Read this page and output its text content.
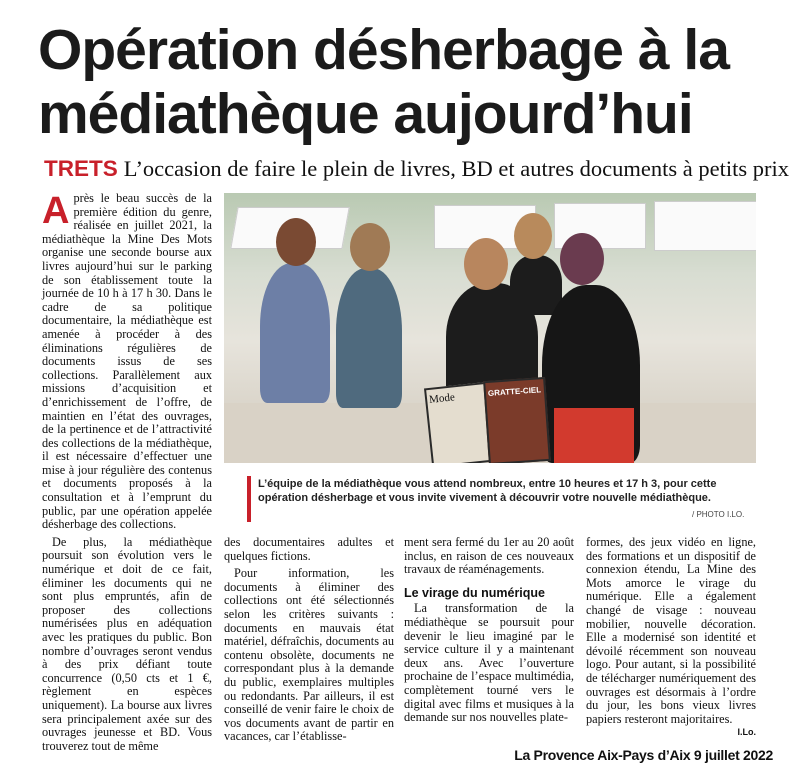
Opération désherbage à la médiathèque aujourd’hui
TRETS L’occasion de faire le plein de livres, BD et autres documents à petits prix

Après le beau succès de la première édition du genre, réalisée en juillet 2021, la médiathèque la Mine Des Mots organise une seconde bourse aux livres aujourd’hui sur le parking de son établissement toute la journée de 10 h à 17 h 30. Dans le cadre de sa politique documentaire, la médiathèque est amenée à procéder à des éliminations régulières de documents issus de ses collections. Parallèlement aux missions d’acquisition et d’enrichissement de l’offre, de maintien en l’état des ouvrages, de la pertinence et de l’attractivité des collections de la médiathèque, il est nécessaire d’effectuer une mise à jour régulière des contenus et documents proposés à la consultation et à l’emprunt du public, par une opération appelée désherbage des collections.

De plus, la médiathèque poursuit son évolution vers le numérique et doit de ce fait, éliminer les documents qui ne sont plus empruntés, afin de proposer des collections numérisées plus en adéquation avec les pratiques du public. Bon nombre d’ouvrages seront vendus à des prix défiant toute concurrence (0,50 cts et 1 €, règlement en espèces uniquement). La bourse aux livres sera principalement axée sur des ouvrages jeunesse et BD. Vous trouverez tout de même

Mode	GRATTE-CIEL
L’équipe de la médiathèque vous attend nombreux, entre 10 heures et 17 h 3, pour cette opération désherbage et vous invite vivement à découvrir votre nouvelle médiathèque.
/ PHOTO I.LO.

des documentaires adultes et quelques fictions.

Pour information, les documents à éliminer des collections ont été sélectionnés selon les critères suivants : documents en mauvais état matériel, défraîchis, documents au contenu obsolète, documents ne correspondant plus à la demande du public, exemplaires multiples ou redondants. Par ailleurs, il est conseillé de venir faire le choix de vos documents avant de partir en vacances, car l’établisse-

ment sera fermé du 1er au 20 août inclus, en raison de ces nouveaux travaux de réaménagements.

Le virage du numérique

La transformation de la médiathèque se poursuit pour devenir le lieu imaginé par le service culture il y a maintenant deux ans. Avec l’ouverture prochaine de l’espace multimédia, complètement tourné vers le digital avec films et musiques à la demande sur nos nouvelles plate-

formes, des jeux vidéo en ligne, des formations et un dispositif de connexion étendu, La Mine des Mots amorce le virage du numérique. Elle a également changé de visage : nouveau mobilier, nouvelle décoration. Elle a modernisé son identité et dévoilé récemment son nouveau logo. Pour autant, si la possibilité de télécharger numériquement des ouvrages est désormais à l’ordre du jour, les bons vieux livres papiers resteront majoritaires.

I.Lo.
La Provence Aix-Pays d’Aix 9 juillet 2022
